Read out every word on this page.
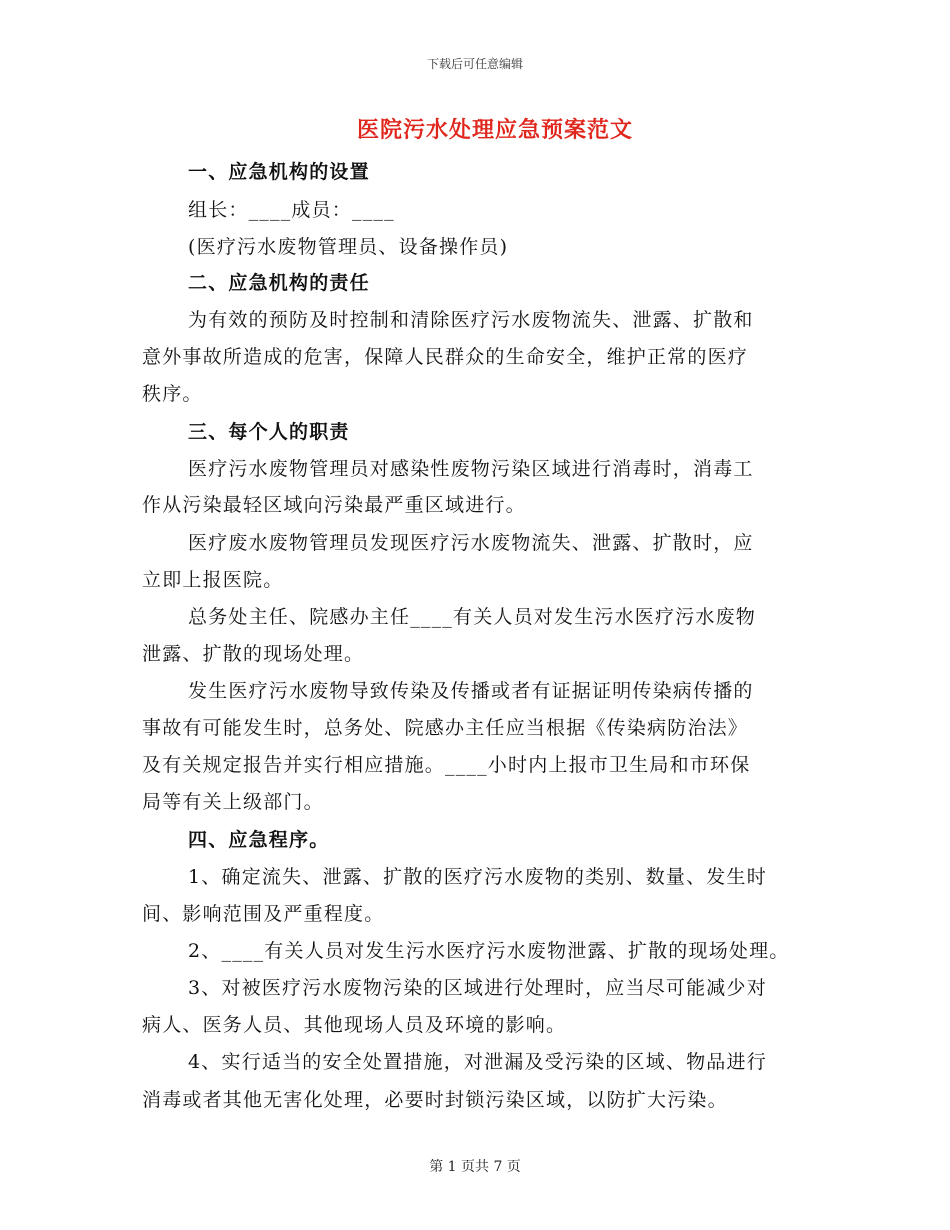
下载后可任意编辑
医院污水处理应急预案范文
一、应急机构的设置
组长：____成员：____
(医疗污水废物管理员、设备操作员)
二、应急机构的责任
为有效的预防及时控制和清除医疗污水废物流失、泄露、扩散和
意外事故所造成的危害，保障人民群众的生命安全，维护正常的医疗
秩序。
三、每个人的职责
医疗污水废物管理员对感染性废物污染区域进行消毒时，消毒工
作从污染最轻区域向污染最严重区域进行。
医疗废水废物管理员发现医疗污水废物流失、泄露、扩散时，应
立即上报医院。
总务处主任、院感办主任____有关人员对发生污水医疗污水废物
泄露、扩散的现场处理。
发生医疗污水废物导致传染及传播或者有证据证明传染病传播的
事故有可能发生时，总务处、院感办主任应当根据《传染病防治法》
及有关规定报告并实行相应措施。____小时内上报市卫生局和市环保
局等有关上级部门。
四、应急程序。
1、确定流失、泄露、扩散的医疗污水废物的类别、数量、发生时
间、影响范围及严重程度。
2、____有关人员对发生污水医疗污水废物泄露、扩散的现场处理。
3、对被医疗污水废物污染的区域进行处理时，应当尽可能减少对
病人、医务人员、其他现场人员及环境的影响。
4、实行适当的安全处置措施，对泄漏及受污染的区域、物品进行
消毒或者其他无害化处理，必要时封锁污染区域，以防扩大污染。
第 1 页共 7 页
